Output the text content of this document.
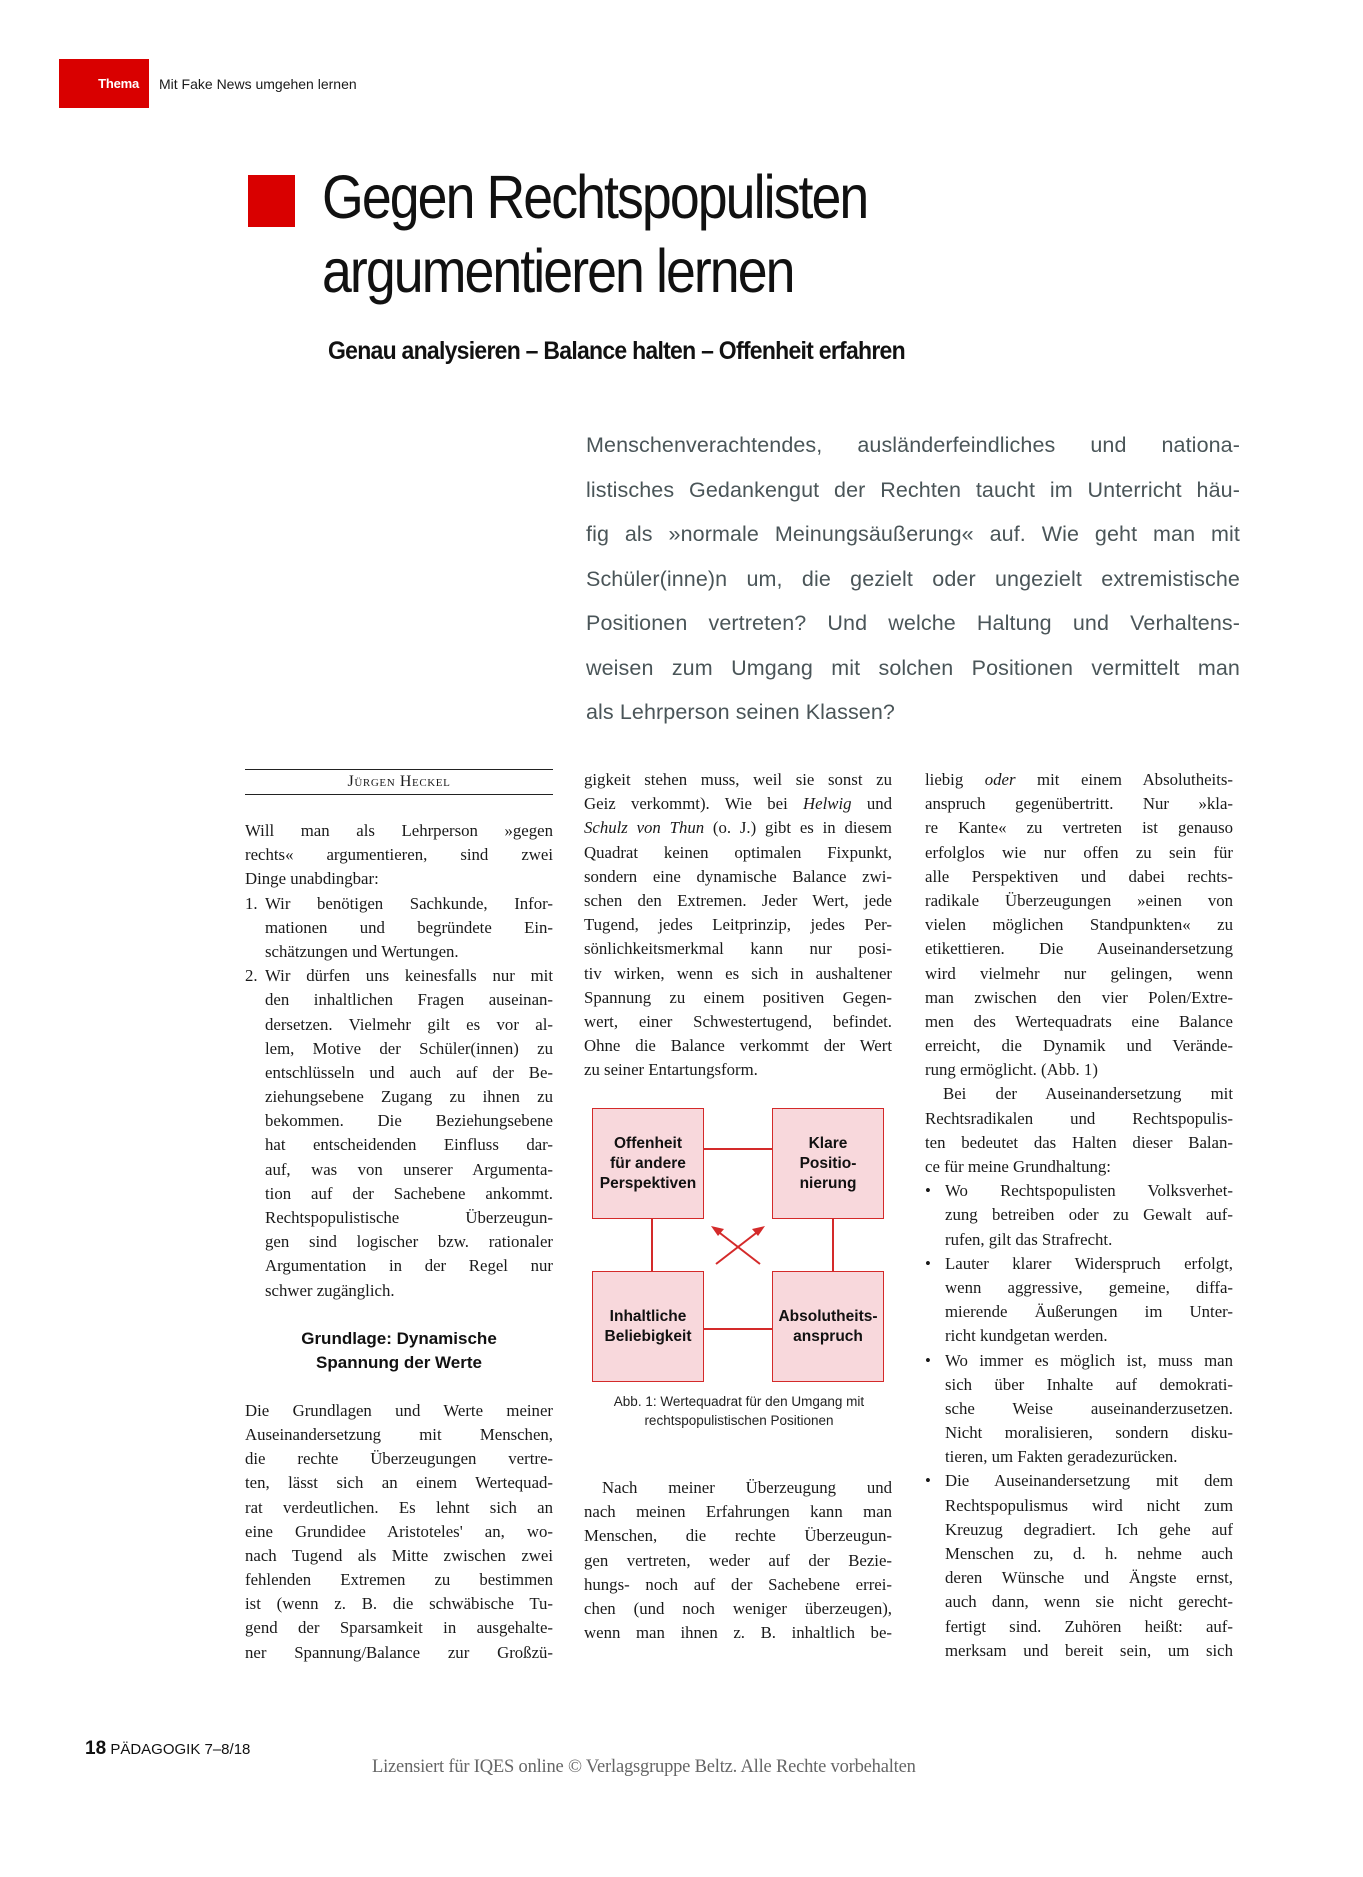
Thema Mit Fake News umgehen lernen
Gegen Rechtspopulisten
argumentieren lernen
Genau analysieren – Balance halten – Offenheit erfahren
Menschenverachtendes, ausländerfeindliches und nationa-
listisches Gedankengut der Rechten taucht im Unterricht häu-
fig als »normale Meinungsäußerung« auf. Wie geht man mit
Schüler(inne)n um, die gezielt oder ungezielt extremistische
Positionen vertreten? Und welche Haltung und Verhaltens-
weisen zum Umgang mit solchen Positionen vermittelt man
als Lehrperson seinen Klassen?
Jürgen Heckel
Will man als Lehrperson »gegen
rechts« argumentieren, sind zwei
Dinge unabdingbar:
1. Wir benötigen Sachkunde, Infor-
mationen und begründete Ein-
schätzungen und Wertungen.
2. Wir dürfen uns keinesfalls nur mit
den inhaltlichen Fragen auseinan-
dersetzen. Vielmehr gilt es vor al-
lem, Motive der Schüler(innen) zu
entschlüsseln und auch auf der Be-
ziehungsebene Zugang zu ihnen zu
bekommen. Die Beziehungsebene
hat entscheidenden Einfluss dar-
auf, was von unserer Argumenta-
tion auf der Sachebene ankommt.
Rechtspopulistische Überzeugun-
gen sind logischer bzw. rationaler
Argumentation in der Regel nur
schwer zugänglich.
Grundlage: Dynamische
Spannung der Werte
Die Grundlagen und Werte meiner
Auseinandersetzung mit Menschen,
die rechte Überzeugungen vertre-
ten, lässt sich an einem Wertequad-
rat verdeutlichen. Es lehnt sich an
eine Grundidee Aristoteles' an, wo-
nach Tugend als Mitte zwischen zwei
fehlenden Extremen zu bestimmen
ist (wenn z. B. die schwäbische Tu-
gend der Sparsamkeit in ausgehalte-
ner Spannung/Balance zur Großzü-
gigkeit stehen muss, weil sie sonst zu
Geiz verkommt). Wie bei Helwig und
Schulz von Thun (o. J.) gibt es in diesem
Quadrat keinen optimalen Fixpunkt,
sondern eine dynamische Balance zwi-
schen den Extremen. Jeder Wert, jede
Tugend, jedes Leitprinzip, jedes Per-
sönlichkeitsmerkmal kann nur posi-
tiv wirken, wenn es sich in aushaltener
Spannung zu einem positiven Gegen-
wert, einer Schwestertugend, befindet.
Ohne die Balance verkommt der Wert
zu seiner Entartungsform.
Nach meiner Überzeugung und
nach meinen Erfahrungen kann man
Menschen, die rechte Überzeugun-
gen vertreten, weder auf der Bezie-
hungs- noch auf der Sachebene errei-
chen (und noch weniger überzeugen),
wenn man ihnen z. B. inhaltlich be-
Offenheit
für andere
Perspektiven
Klare
Positio-
nierung
Inhaltliche
Beliebigkeit
Absolutheits-
anspruch
Abb. 1: Wertequadrat für den Umgang mit
rechtspopulistischen Positionen
liebig oder mit einem Absolutheits-
anspruch gegenübertritt. Nur »kla-
re Kante« zu vertreten ist genauso
erfolglos wie nur offen zu sein für
alle Perspektiven und dabei rechts-
radikale Überzeugungen »einen von
vielen möglichen Standpunkten« zu
etikettieren. Die Auseinandersetzung
wird vielmehr nur gelingen, wenn
man zwischen den vier Polen/Extre-
men des Wertequadrats eine Balance
erreicht, die Dynamik und Verände-
rung ermöglicht. (Abb. 1)
Bei der Auseinandersetzung mit
Rechtsradikalen und Rechtspopulis-
ten bedeutet das Halten dieser Balan-
ce für meine Grundhaltung:
• Wo Rechtspopulisten Volksverhet-
zung betreiben oder zu Gewalt auf-
rufen, gilt das Strafrecht.
• Lauter klarer Widerspruch erfolgt,
wenn aggressive, gemeine, diffa-
mierende Äußerungen im Unter-
richt kundgetan werden.
• Wo immer es möglich ist, muss man
sich über Inhalte auf demokrati-
sche Weise auseinanderzusetzen.
Nicht moralisieren, sondern disku-
tieren, um Fakten geradezurücken.
• Die Auseinandersetzung mit dem
Rechtspopulismus wird nicht zum
Kreuzug degradiert. Ich gehe auf
Menschen zu, d. h. nehme auch
deren Wünsche und Ängste ernst,
auch dann, wenn sie nicht gerecht-
fertigt sind. Zuhören heißt: auf-
merksam und bereit sein, um sich
18 PÄDAGOGIK 7–8/18
Lizensiert für IQES online © Verlagsgruppe Beltz. Alle Rechte vorbehalten
